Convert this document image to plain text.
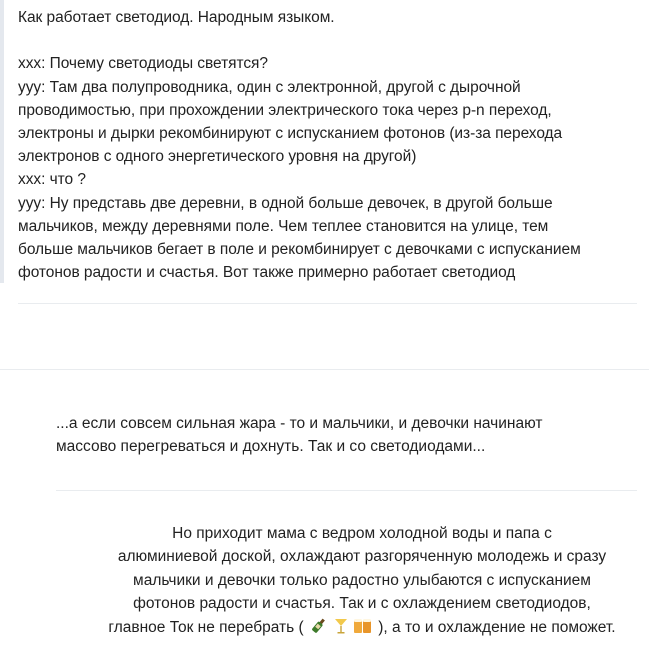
Как работает светодиод. Народным языком.
xxx: Почему светодиоды светятся?
yyy: Там два полупроводника, один с электронной, другой с дырочной
проводимостью, при прохождении электрического тока через p-n переход,
электроны и дырки рекомбинируют с испусканием фотонов (из-за перехода
электронов с одного энергетического уровня на другой)
xxx: что ?
yyy: Ну представь две деревни, в одной больше девочек, в другой больше
мальчиков, между деревнями поле. Чем теплее становится на улице, тем
больше мальчиков бегает в поле и рекомбинирует с девочками с испусканием
фотонов радости и счастья. Вот также примерно работает светодиод
...а если совсем сильная жара - то и мальчики, и девочки начинают
массово перегреваться и дохнуть. Так и со светодиодами...
Но приходит мама с ведром холодной воды и папа с
алюминиевой доской, охлаждают разгоряченную молодежь и сразу
мальчики и девочки только радостно улыбаются с испусканием
фотонов радости и счастья. Так и с охлаждением светодиодов,
главное Ток не перебрать (	), а то и охлаждение не поможет.
